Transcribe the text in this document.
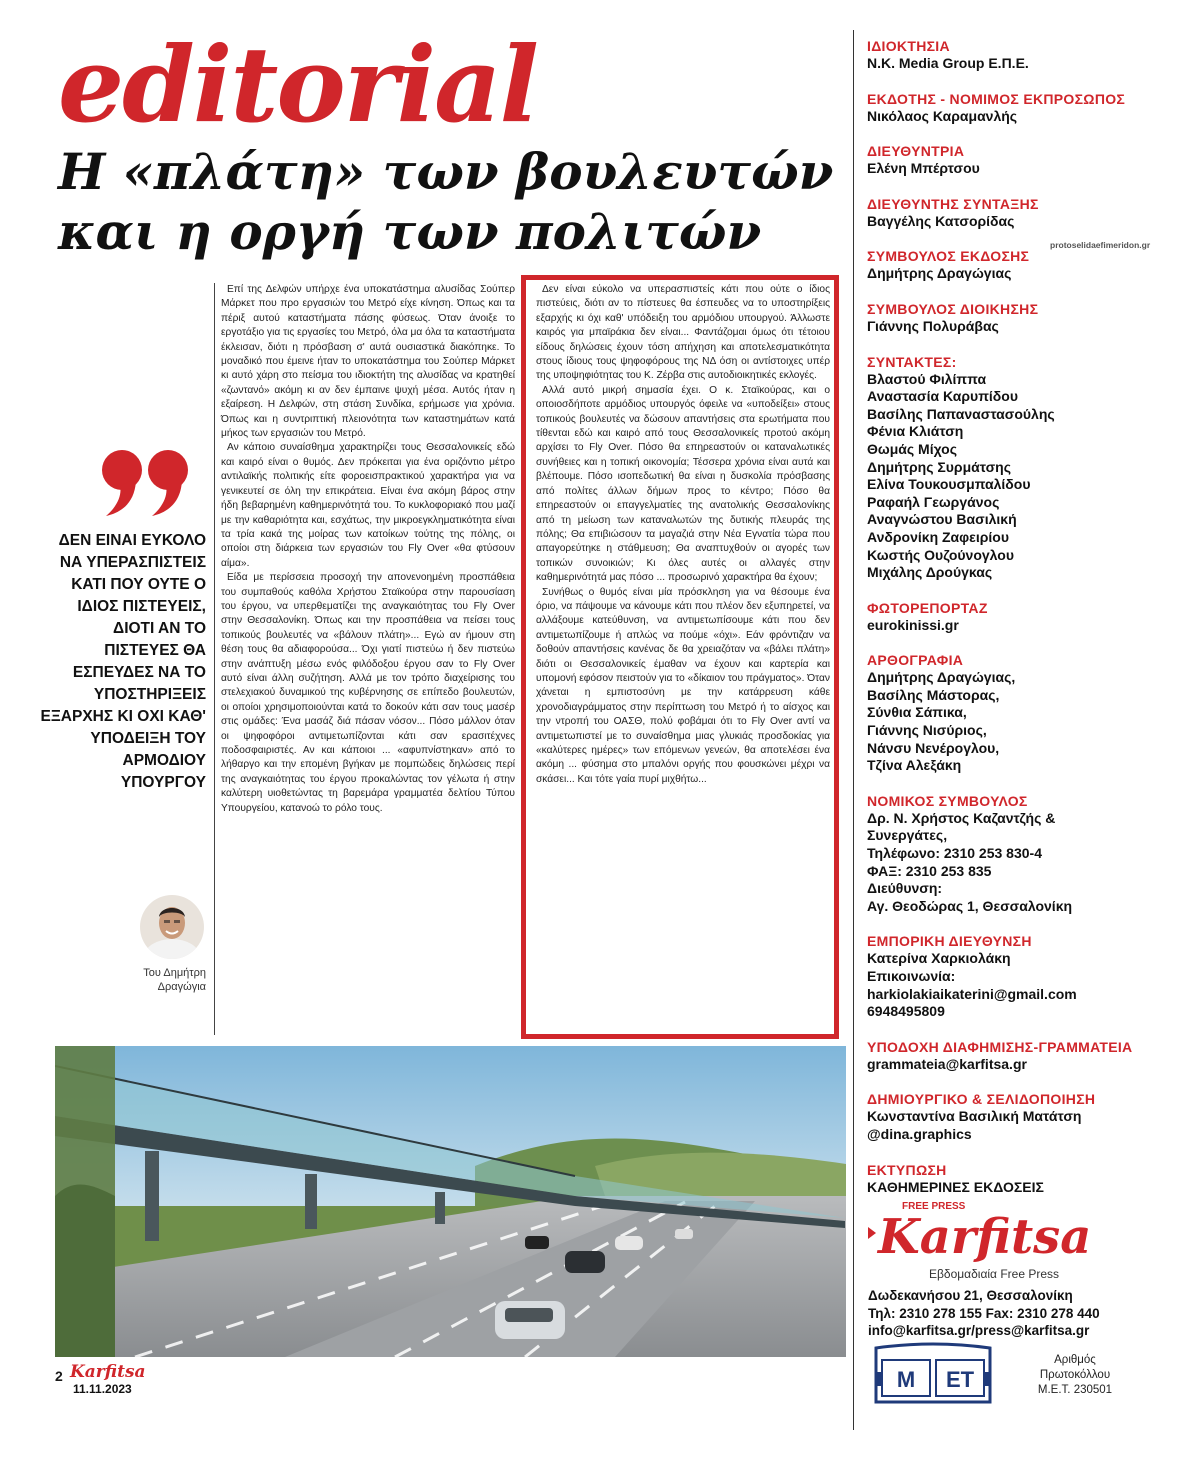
editorial
Η «πλάτη» των βουλευτών
και η οργή των πολιτών
ΔΕΝ ΕΙΝΑΙ ΕΥΚΟΛΟ ΝΑ ΥΠΕΡΑΣΠΙΣΤΕΙΣ ΚΑΤΙ ΠΟΥ ΟΥΤΕ Ο ΙΔΙΟΣ ΠΙΣΤΕΥΕΙΣ, ΔΙΟΤΙ ΑΝ ΤΟ ΠΙΣΤΕΥΕΣ ΘΑ ΕΣΠΕΥΔΕΣ ΝΑ ΤΟ ΥΠΟΣΤΗΡΙΞΕΙΣ ΕΞΑΡΧΗΣ ΚΙ ΟΧΙ ΚΑΘ' ΥΠΟΔΕΙΞΗ ΤΟΥ ΑΡΜΟΔΙΟΥ ΥΠΟΥΡΓΟΥ
Του Δημήτρη
Δραγώγια

Επί της Δελφών υπήρχε ένα υποκατάστημα αλυσίδας Σούπερ Μάρκετ που προ εργασιών του Μετρό είχε κίνηση. Όπως και τα πέριξ αυτού καταστήματα πάσης φύσεως. Όταν άνοιξε το εργοτάξιο για τις εργασίες του Μετρό, όλα μα όλα τα καταστήματα έκλεισαν, διότι η πρόσβαση σ' αυτά ουσιαστικά διακόπηκε. Το μοναδικό που έμεινε ήταν το υποκατάστημα του Σούπερ Μάρκετ κι αυτό χάρη στο πείσμα του ιδιοκτήτη της αλυσίδας να κρατηθεί «ζωντανό» ακόμη κι αν δεν έμπαινε ψυχή μέσα. Αυτός ήταν η εξαίρεση. Η Δελφών, στη στάση Συνδίκα, ερήμωσε για χρόνια. Όπως και η συντριπτική πλειονότητα των καταστημάτων κατά μήκος των εργασιών του Μετρό.

Αν κάποιο συναίσθημα χαρακτηρίζει τους Θεσσαλονικείς εδώ και καιρό είναι ο θυμός. Δεν πρόκειται για ένα οριζόντιο μέτρο αντιλαϊκής πολιτικής είτε φοροεισπρακτικού χαρακτήρα για να γενικευτεί σε όλη την επικράτεια. Είναι ένα ακόμη βάρος στην ήδη βεβαρημένη καθημερινότητά του. Το κυκλοφοριακό που μαζί με την καθαριότητα και, εσχάτως, την μικροεγκληματικότητα είναι τα τρία κακά της μοίρας των κατοίκων τούτης της πόλης, οι οποίοι στη διάρκεια των εργασιών του Fly Over «θα φτύσουν αίμα».

Είδα με περίσσεια προσοχή την απονενοημένη προσπάθεια του συμπαθούς καθόλα Χρήστου Σταϊκούρα στην παρουσίαση του έργου, να υπερθεματίζει της αναγκαιότητας του Fly Over στην Θεσσαλονίκη. Όπως και την προσπάθεια να πείσει τους τοπικούς βουλευτές να «βάλουν πλάτη»... Εγώ αν ήμουν στη θέση τους θα αδιαφορούσα... Όχι γιατί πιστεύω ή δεν πιστεύω στην ανάπτυξη μέσω ενός φιλόδοξου έργου σαν το Fly Over αυτό είναι άλλη συζήτηση. Αλλά με τον τρόπο διαχείρισης του στελεχιακού δυναμικού της κυβέρνησης σε επίπεδο βουλευτών, οι οποίοι χρησιμοποιούνται κατά το δοκούν κάτι σαν τους μασέρ στις ομάδες: Ένα μασάζ διά πάσαν νόσον... Πόσο μάλλον όταν οι ψηφοφόροι αντιμετωπίζονται κάτι σαν ερασιτέχνες ποδοσφαιριστές. Αν και κάποιοι ... «αφυπνίστηκαν» από το λήθαργο και την επομένη βγήκαν με πομπώδεις δηλώσεις περί της αναγκαιότητας του έργου προκαλώντας τον γέλωτα ή στην καλύτερη υιοθετώντας τη βαρεμάρα γραμματέα δελτίου Τύπου Υπουργείου, κατανοώ το ρόλο τους.

Δεν είναι εύκολο να υπερασπιστείς κάτι που ούτε ο ίδιος πιστεύεις, διότι αν το πίστευες θα έσπευδες να το υποστηρίξεις εξαρχής κι όχι καθ' υπόδειξη του αρμόδιου υπουργού. Άλλωστε καιρός για μπαϊράκια δεν είναι... Φαντάζομαι όμως ότι τέτοιου είδους δηλώσεις έχουν τόση απήχηση και αποτελεσματικότητα στους ίδιους τους ψηφοφόρους της ΝΔ όση οι αντίστοιχες υπέρ της υποψηφιότητας του Κ. Ζέρβα στις αυτοδιοικητικές εκλογές.

Αλλά αυτό μικρή σημασία έχει. Ο κ. Σταϊκούρας, και ο οποιοσδήποτε αρμόδιος υπουργός όφειλε να «υποδείξει» στους τοπικούς βουλευτές να δώσουν απαντήσεις στα ερωτήματα που τίθενται εδώ και καιρό από τους Θεσσαλονικείς προτού ακόμη αρχίσει το Fly Over. Πόσο θα επηρεαστούν οι καταναλωτικές συνήθειες και η τοπική οικονομία; Τέσσερα χρόνια είναι αυτά και βλέπουμε. Πόσο ισοπεδωτική θα είναι η δυσκολία πρόσβασης από πολίτες άλλων δήμων προς το κέντρο; Πόσο θα επηρεαστούν οι επαγγελματίες της ανατολικής Θεσσαλονίκης από τη μείωση των καταναλωτών της δυτικής πλευράς της πόλης; Θα επιβιώσουν τα μαγαζιά στην Νέα Εγνατία τώρα που απαγορεύτηκε η στάθμευση; Θα αναπτυχθούν οι αγορές των τοπικών συνοικιών; Κι όλες αυτές οι αλλαγές στην καθημερινότητά μας πόσο ... προσωρινό χαρακτήρα θα έχουν;

Συνήθως ο θυμός είναι μία πρόσκληση για να θέσουμε ένα όριο, να πάψουμε να κάνουμε κάτι που πλέον δεν εξυπηρετεί, να αλλάξουμε κατεύθυνση, να αντιμετωπίσουμε κάτι που δεν αντιμετωπίζουμε ή απλώς να πούμε «όχι». Εάν φρόντιζαν να δοθούν απαντήσεις κανένας δε θα χρειαζόταν να «βάλει πλάτη» διότι οι Θεσσαλονικείς έμαθαν να έχουν και καρτερία και υπομονή εφόσον πειστούν για το «δίκαιον του πράγματος». Όταν χάνεται η εμπιστοσύνη με την κατάρρευση κάθε χρονοδιαγράμματος στην περίπτωση του Μετρό ή το αίσχος και την ντροπή του ΟΑΣΘ, πολύ φοβάμαι ότι το Fly Over αντί να αντιμετωπιστεί με το συναίσθημα μιας γλυκιάς προσδοκίας για «καλύτερες ημέρες» των επόμενων γενεών, θα αποτελέσει ένα ακόμη ... φύσημα στο μπαλόνι οργής που φουσκώνει μέχρι να σκάσει... Και τότε γαία πυρί μιχθήτω...

2 Karfitsa
11.11.2023
protoselidaefimeridon.gr
ΙΔΙΟΚΤΗΣΙΑ
Ν.Κ. Media Group Ε.Π.Ε.
ΕΚΔΟΤΗΣ - ΝΟΜΙΜΟΣ ΕΚΠΡΟΣΩΠΟΣ
Νικόλαος Καραμανλής
ΔΙΕΥΘΥΝΤΡΙΑ
Ελένη Μπέρτσου
ΔΙΕΥΘΥΝΤΗΣ ΣΥΝΤΑΞΗΣ
Βαγγέλης Κατσορίδας
ΣΥΜΒΟΥΛΟΣ ΕΚΔΟΣΗΣ
Δημήτρης Δραγώγιας
ΣΥΜΒΟΥΛΟΣ ΔΙΟΙΚΗΣΗΣ
Γιάννης Πολυράβας
ΣΥΝΤΑΚΤΕΣ:
Βλαστού Φιλίππα
Αναστασία Καρυπίδου
Βασίλης Παπαναστασούλης
Φένια Κλιάτση
Θωμάς Μίχος
Δημήτρης Συρμάτσης
Ελίνα Τουκουσμπαλίδου
Ραφαήλ Γεωργάνος
Αναγνώστου Βασιλική
Ανδρονίκη Ζαφειρίου
Κωστής Ουζούνογλου
Μιχάλης Δρούγκας
ΦΩΤΟΡΕΠΟΡΤΑΖ
eurokinissi.gr
ΑΡΘΟΓΡΑΦΙΑ
Δημήτρης Δραγώγιας,
Βασίλης Μάστορας,
Σύνθια Σάπικα,
Γιάννης Νισύριος,
Νάνσυ Νενέρογλου,
Τζίνα Αλεξάκη
ΝΟΜΙΚΟΣ ΣΥΜΒΟΥΛΟΣ
Δρ. Ν. Χρήστος Καζαντζής &
Συνεργάτες,
Τηλέφωνο: 2310 253 830-4
ΦΑΞ: 2310 253 835
Διεύθυνση:
Αγ. Θεοδώρας 1, Θεσσαλονίκη
ΕΜΠΟΡΙΚΗ ΔΙΕΥΘΥΝΣΗ
Κατερίνα Χαρκιολάκη
Επικοινωνία:
harkiolakiaikaterini@gmail.com
6948495809
ΥΠΟΔΟΧΗ ΔΙΑΦΗΜΙΣΗΣ-ΓΡΑΜΜΑΤΕΙΑ
grammateia@karfitsa.gr
ΔΗΜΙΟΥΡΓΙΚΟ & ΣΕΛΙΔΟΠΟΙΗΣΗ
Κωνσταντίνα Βασιλική Ματάτση
@dina.graphics
ΕΚΤΥΠΩΣΗ
ΚΑΘΗΜΕΡΙΝΕΣ ΕΚΔΟΣΕΙΣ
FREE PRESS
Karfitsa
Εβδομαδιαία Free Press
Δωδεκανήσου 21, Θεσσαλονίκη
Τηλ: 2310 278 155 Fax: 2310 278 440
info@karfitsa.gr/press@karfitsa.gr
Μ ΕΤ
Αριθμός
Πρωτοκόλλου
Μ.Ε.Τ. 230501
